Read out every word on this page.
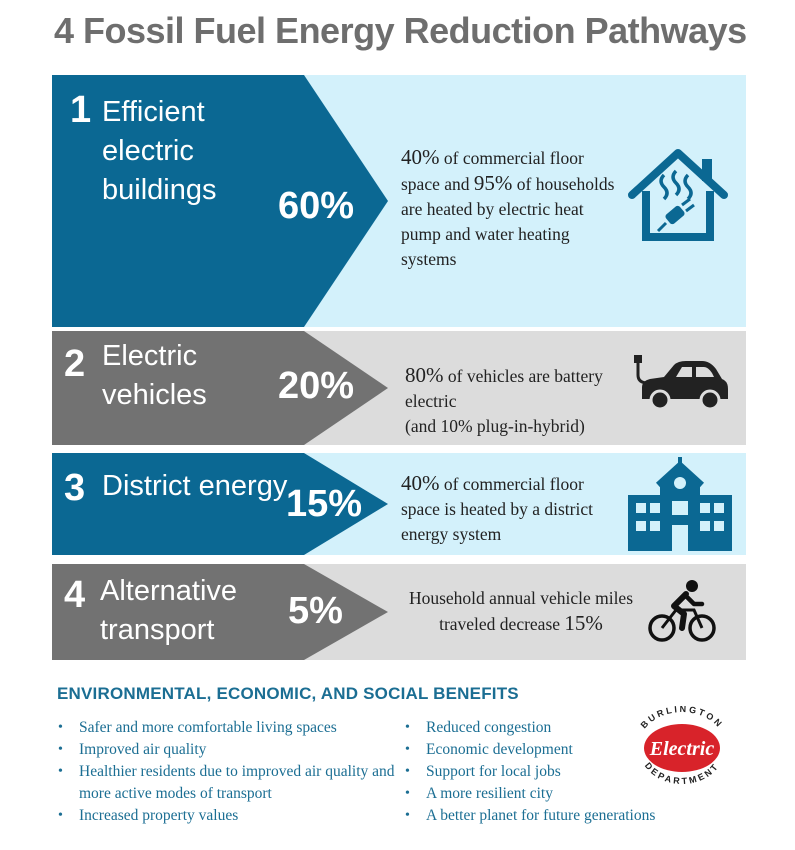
4 Fossil Fuel Energy Reduction Pathways
1 Efficient
electric
buildings 60%
40% of commercial floor space and 95% of households are heated by electric heat pump and water heating systems
2 Electric
vehicles 20% 80% of vehicles are battery electric
(and 10% plug-in-hybrid)
3 District energy
15% 40% of commercial floor space is heated by a district energy system
4 Alternative
transport	5%	Household annual vehicle miles traveled decrease 15%
ENVIRONMENTAL, ECONOMIC, AND SOCIAL BENEFITS
• Safer and more comfortable living spaces
• Improved air quality
• Healthier residents due to improved air quality and more active modes of transport
• Increased property values
• Reduced congestion
• Economic development
• Support for local jobs
• A more resilient city
• A better planet for future generations
BURLINGTON
Electric
DEPARTMENT
